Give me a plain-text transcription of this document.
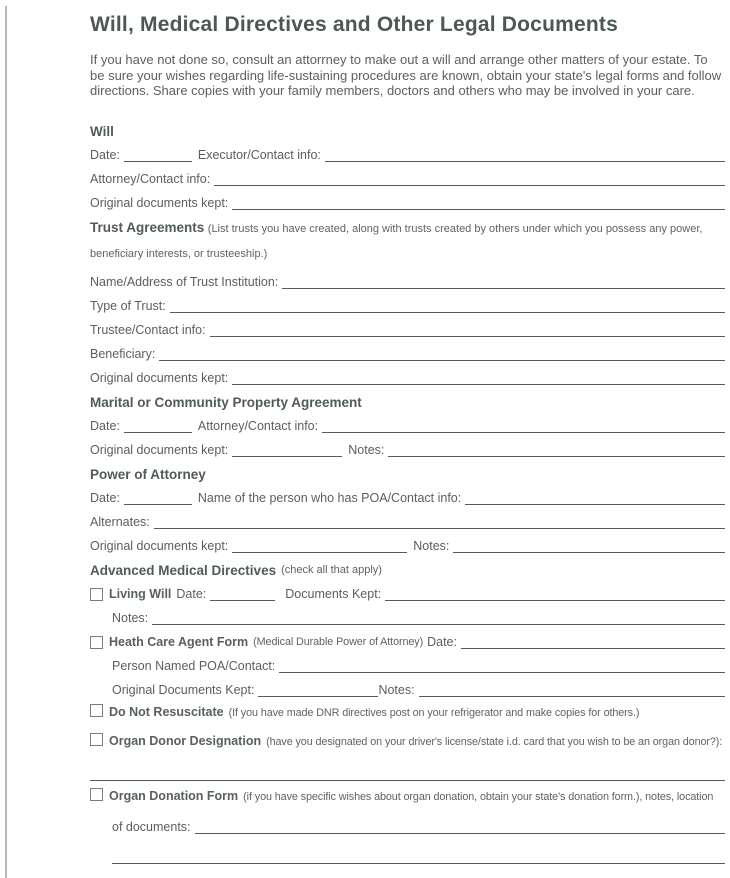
Will, Medical Directives and Other Legal Documents

If you have not done so, consult an attorrney to make out a will and arrange other matters of your estate. To be sure your wishes regarding life-sustaining procedures are known, obtain your state's legal forms and follow directions. Share copies with your family members, doctors and others who may be involved in your care.

Will
Date:	Executor/Contact info:
Attorney/Contact info:
Original documents kept:
Trust Agreements (List trusts you have created, along with trusts created by others under which you possess any power, beneficiary interests, or trusteeship.)
Name/Address of Trust Institution:
Type of Trust:
Trustee/Contact info:
Beneficiary:
Original documents kept:
Marital or Community Property Agreement
Date:	Attorney/Contact info:
Original documents kept:	Notes:
Power of Attorney
Date:	Name of the person who has POA/Contact info:
Alternates:
Original documents kept:	Notes:
Advanced Medical Directives (check all that apply)
Living Will Date:	Documents Kept:
Notes:
Heath Care Agent Form (Medical Durable Power of Attorney) Date:
Person Named POA/Contact:
Original Documents Kept:	Notes:
Do Not Resuscitate (If you have made DNR directives post on your refrigerator and make copies for others.)
Organ Donor Designation (have you designated on your driver's license/state i.d. card that you wish to be an organ donor?):
Organ Donation Form (if you have specific wishes about organ donation, obtain your state's donation form.), notes, location
of documents:
